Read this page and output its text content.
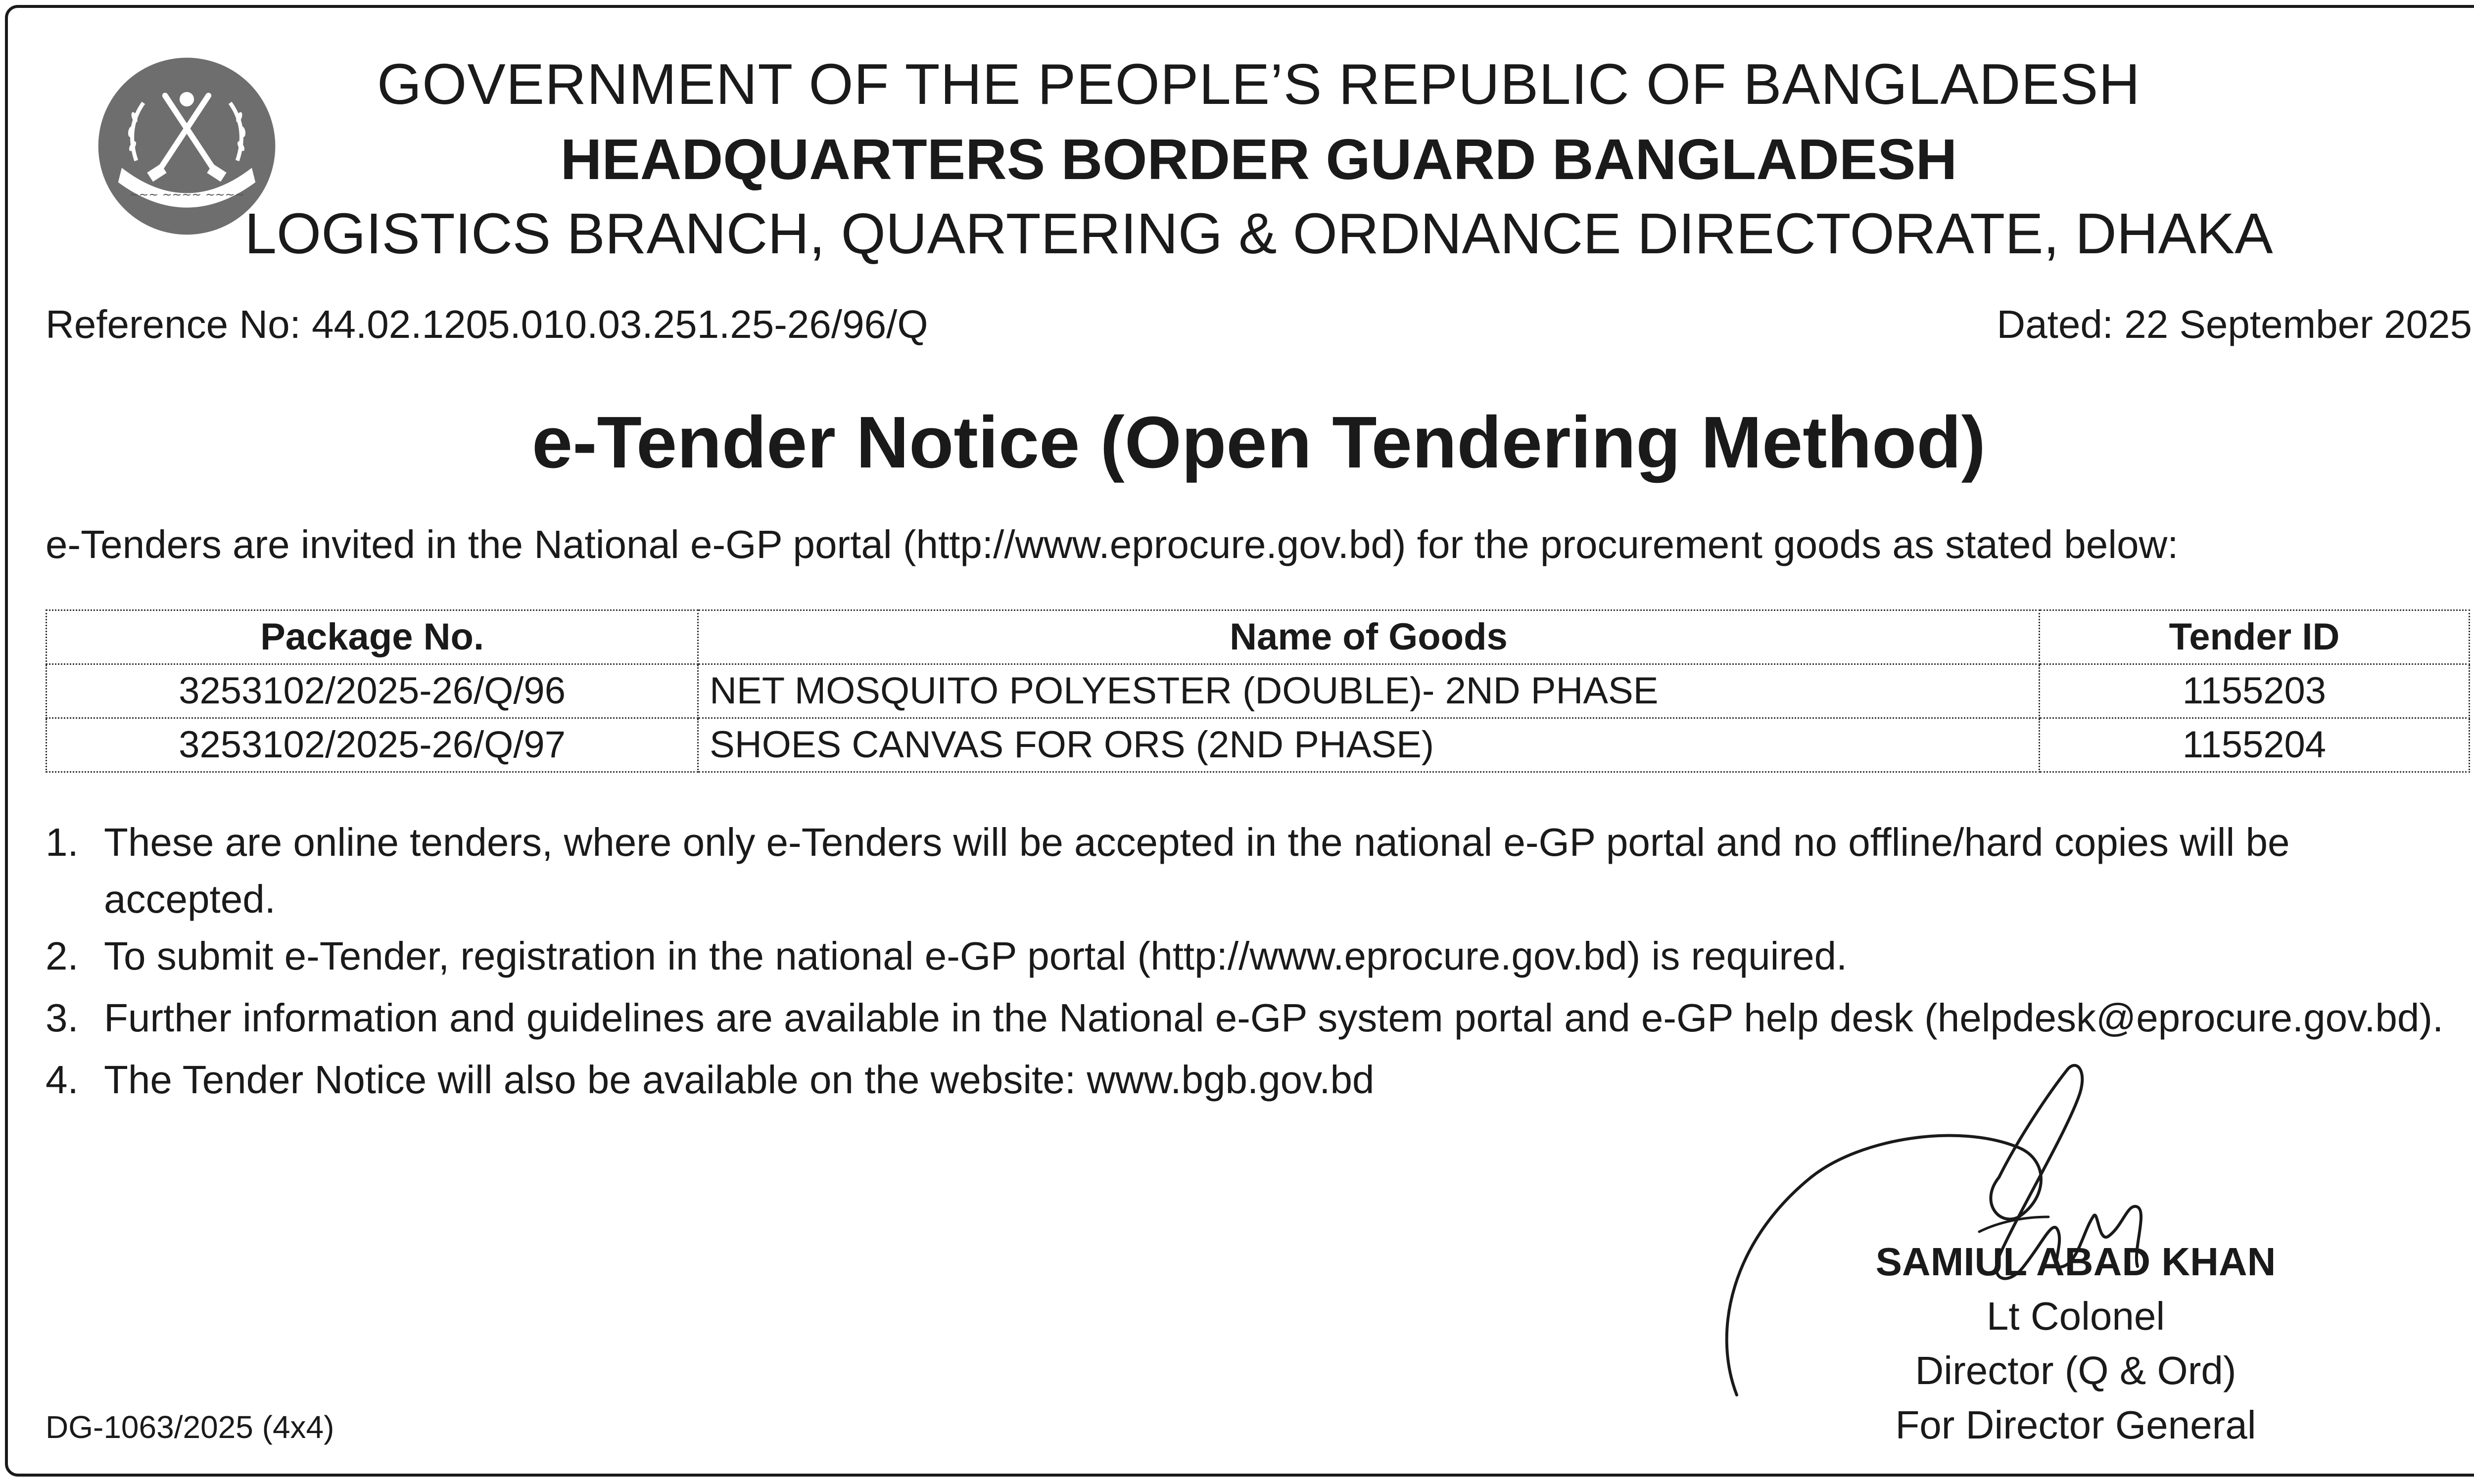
~~~ ~~~~ ~~~~
GOVERNMENT OF THE PEOPLE’S REPUBLIC OF BANGLADESH
HEADQUARTERS BORDER GUARD BANGLADESH
LOGISTICS BRANCH, QUARTERING & ORDNANCE DIRECTORATE, DHAKA
Reference No: 44.02.1205.010.03.251.25-26/96/Q	Dated: 22 September 2025
e-Tender Notice (Open Tendering Method)
e-Tenders are invited in the National e-GP portal (http://www.eprocure.gov.bd) for the procurement goods as stated below:
Package No.	Name of Goods	Tender ID
3253102/2025-26/Q/96	NET MOSQUITO POLYESTER (DOUBLE)- 2ND PHASE	1155203
3253102/2025-26/Q/97	SHOES CANVAS FOR ORS (2ND PHASE)	1155204
1. These are online tenders, where only e-Tenders will be accepted in the national e-GP portal and no offline/hard copies will be
accepted.
2. To submit e-Tender, registration in the national e-GP portal (http://www.eprocure.gov.bd) is required.
3. Further information and guidelines are available in the National e-GP system portal and e-GP help desk (helpdesk@eprocure.gov.bd).
4. The Tender Notice will also be available on the website: www.bgb.gov.bd
SAMIUL ABAD KHAN
Lt Colonel
Director (Q & Ord)
For Director General
DG-1063/2025 (4x4)
